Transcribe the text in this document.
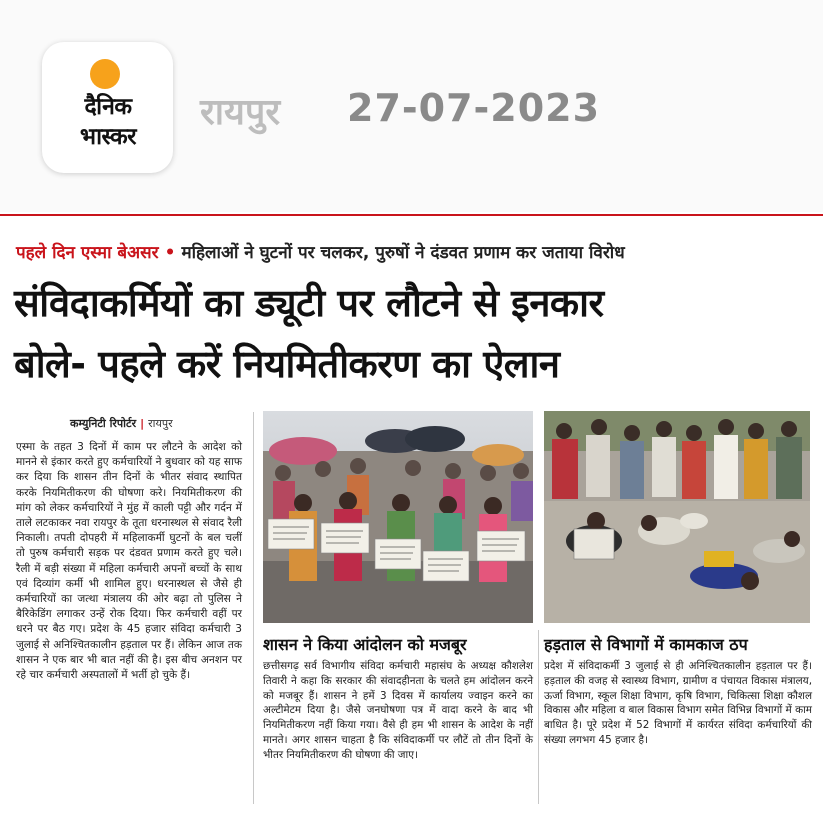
दैनिक
भास्कर
रायपुर 27-07-2023
पहले दिन एस्मा बेअसर • महिलाओं ने घुटनों पर चलकर, पुरुषों ने दंडवत प्रणाम कर जताया विरोध
संविदाकर्मियों का ड्यूटी पर लौटने से इनकार
बोले- पहले करें नियमितीकरण का ऐलान
कम्युनिटी रिपोर्टर | रायपुर
एस्मा के तहत 3 दिनों में काम पर लौटने के आदेश को मानने से इंकार करते हुए कर्मचारियों ने बुधवार को यह साफ कर दिया कि शासन तीन दिनों के भीतर संवाद स्थापित करके नियमितीकरण की घोषणा करे। नियमितीकरण की मांग को लेकर कर्मचारियों ने मुंह में काली पट्टी और गर्दन में ताले लटकाकर नवा रायपुर के तूता धरनास्थल से संवाद रैली निकाली। तपती दोपहरी में महिलाकर्मी घुटनों के बल चलीं तो पुरुष कर्मचारी सड़क पर दंडवत प्रणाम करते हुए चले। रैली में बड़ी संख्या में महिला कर्मचारी अपनों बच्चों के साथ एवं दिव्यांग कर्मी भी शामिल हुए। धरनास्थल से जैसे ही कर्मचारियों का जत्था मंत्रालय की ओर बढ़ा तो पुलिस ने बैरिकेडिंग लगाकर उन्हें रोक दिया। फिर कर्मचारी वहीं पर धरने पर बैठ गए। प्रदेश के 45 हजार संविदा कर्मचारी 3 जुलाई से अनिश्चितकालीन हड़ताल पर हैं। लेकिन आज तक शासन ने एक बार भी बात नहीं की है। इस बीच अनशन पर रहे चार कर्मचारी अस्पतालों में भर्ती हो चुके हैं।
शासन ने किया आंदोलन को मजबूर
छत्तीसगढ़ सर्व विभागीय संविदा कर्मचारी महासंघ के अध्यक्ष कौशलेश तिवारी ने कहा कि सरकार की संवादहीनता के चलते हम आंदोलन करने को मजबूर हैं। शासन ने हमें 3 दिवस में कार्यालय ज्वाइन करने का अल्टीमेटम दिया है। जैसे जनघोषणा पत्र में वादा करने के बाद भी नियमितीकरण नहीं किया गया। वैसे ही हम भी शासन के आदेश के नहीं मानते। अगर शासन चाहता है कि संविदाकर्मी पर लौटें तो तीन दिनों के भीतर नियमितीकरण की घोषणा की जाए।
हड़ताल से विभागों में कामकाज ठप
प्रदेश में संविदाकर्मी 3 जुलाई से ही अनिश्चितकालीन हड़ताल पर हैं। हड़ताल की वजह से स्वास्थ्य विभाग, ग्रामीण व पंचायत विकास मंत्रालय, ऊर्जा विभाग, स्कूल शिक्षा विभाग, कृषि विभाग, चिकित्सा शिक्षा कौशल विकास और महिला व बाल विकास विभाग समेत विभिन्न विभागों में काम बाधित है। पूरे प्रदेश में 52 विभागों में कार्यरत संविदा कर्मचारियों की संख्या लगभग 45 हजार है।
